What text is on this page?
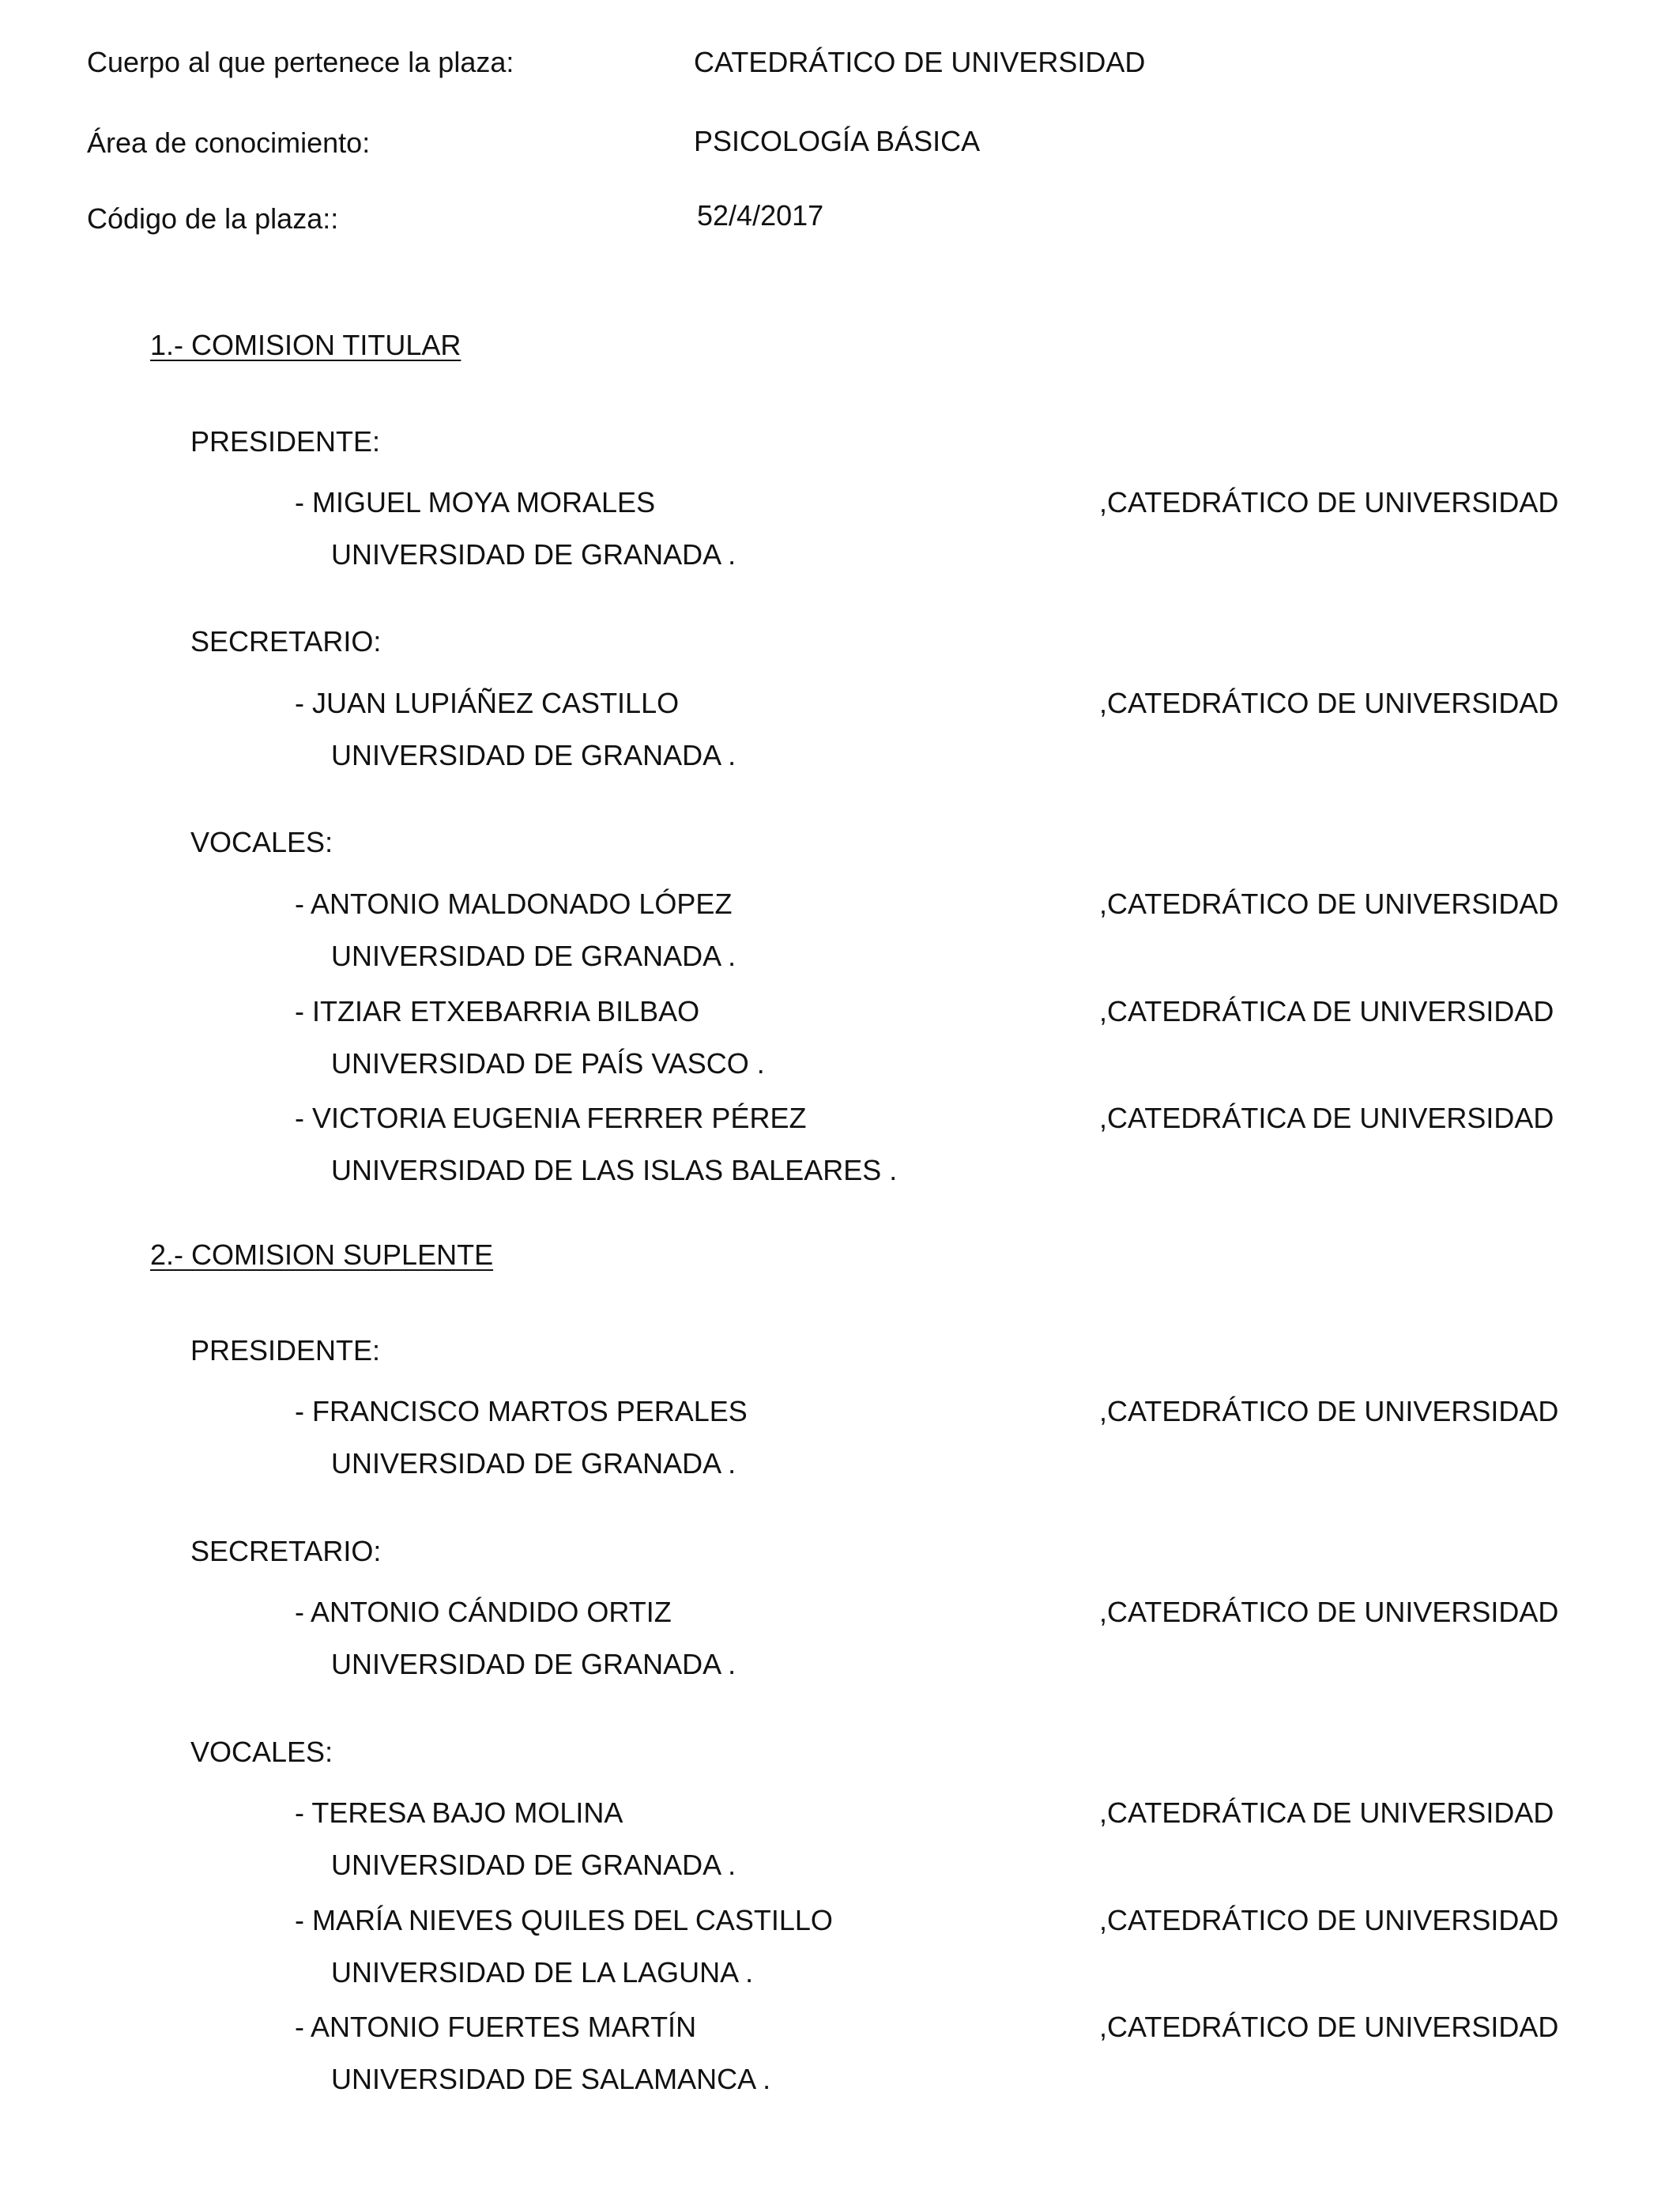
Cuerpo al que pertenece la plaza:	CATEDRÁTICO DE UNIVERSIDAD
Área de conocimiento:	PSICOLOGÍA BÁSICA
Código de la plaza::	52/4/2017
1.- COMISION TITULAR
PRESIDENTE:
- MIGUEL MOYA MORALES	,CATEDRÁTICO DE UNIVERSIDAD
UNIVERSIDAD DE GRANADA .
SECRETARIO:
- JUAN LUPIÁÑEZ CASTILLO	,CATEDRÁTICO DE UNIVERSIDAD
UNIVERSIDAD DE GRANADA .
VOCALES:
- ANTONIO MALDONADO LÓPEZ	,CATEDRÁTICO DE UNIVERSIDAD
UNIVERSIDAD DE GRANADA .
- ITZIAR ETXEBARRIA BILBAO	,CATEDRÁTICA DE UNIVERSIDAD
UNIVERSIDAD DE PAÍS VASCO .
- VICTORIA EUGENIA FERRER PÉREZ	,CATEDRÁTICA DE UNIVERSIDAD
UNIVERSIDAD DE LAS ISLAS BALEARES .
2.- COMISION SUPLENTE
PRESIDENTE:
- FRANCISCO MARTOS PERALES	,CATEDRÁTICO DE UNIVERSIDAD
UNIVERSIDAD DE GRANADA .
SECRETARIO:
- ANTONIO CÁNDIDO ORTIZ	,CATEDRÁTICO DE UNIVERSIDAD
UNIVERSIDAD DE GRANADA .
VOCALES:
- TERESA BAJO MOLINA	,CATEDRÁTICA DE UNIVERSIDAD
UNIVERSIDAD DE GRANADA .
- MARÍA NIEVES QUILES DEL CASTILLO	,CATEDRÁTICO DE UNIVERSIDAD
UNIVERSIDAD DE LA LAGUNA .
- ANTONIO FUERTES MARTÍN	,CATEDRÁTICO DE UNIVERSIDAD
UNIVERSIDAD DE SALAMANCA .
